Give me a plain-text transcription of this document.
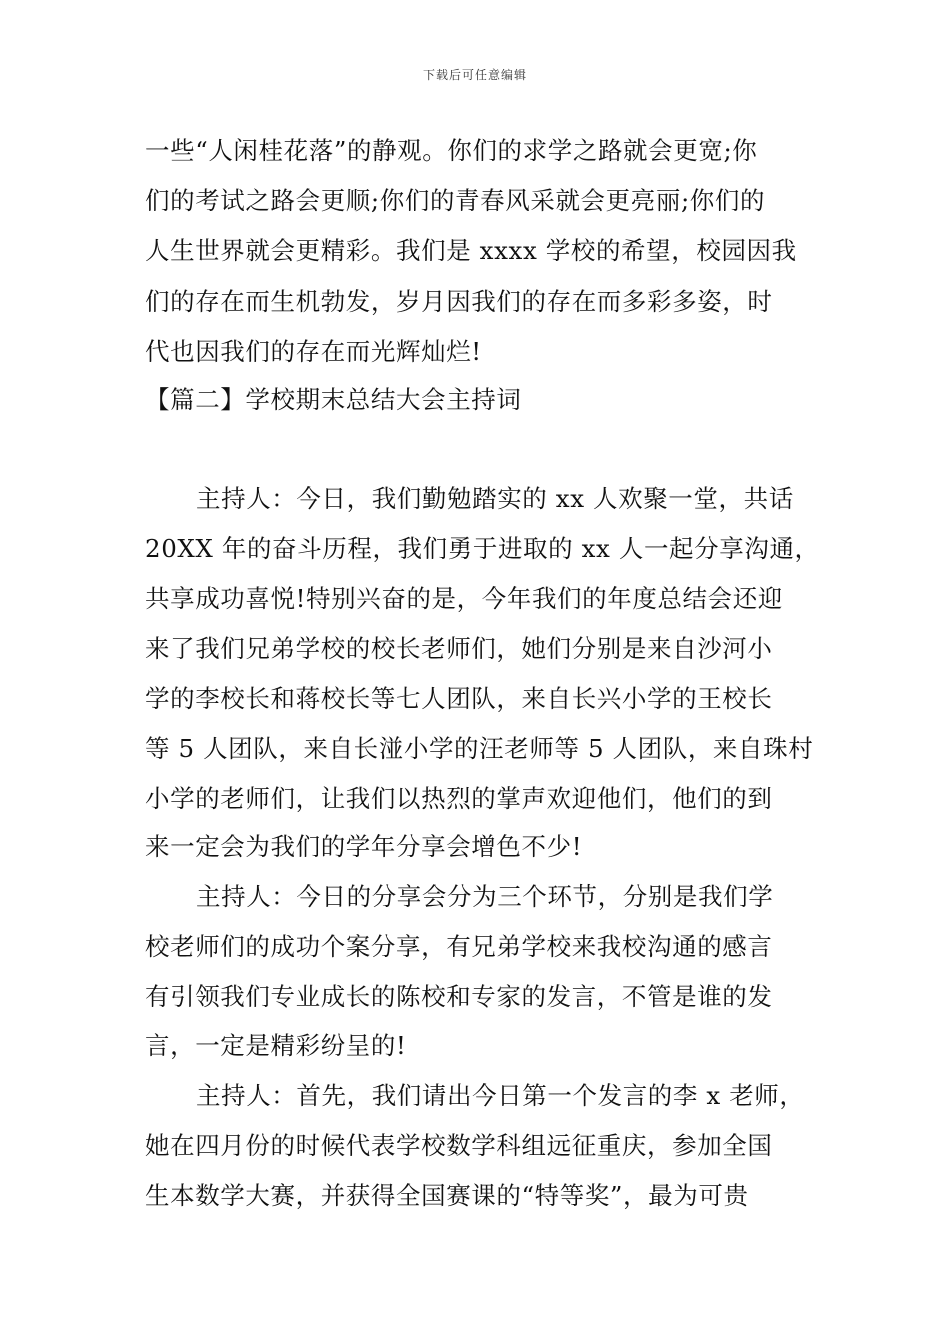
下载后可任意编辑
一些“人闲桂花落”的静观。你们的求学之路就会更宽;你
们的考试之路会更顺;你们的青春风采就会更亮丽;你们的
人生世界就会更精彩。我们是 xxxx 学校的希望，校园因我
们的存在而生机勃发，岁月因我们的存在而多彩多姿，时
代也因我们的存在而光辉灿烂!
【篇二】学校期末总结大会主持词
主持人：今日，我们勤勉踏实的 xx 人欢聚一堂，共话
20XX 年的奋斗历程，我们勇于进取的 xx 人一起分享沟通，
共享成功喜悦!特别兴奋的是，今年我们的年度总结会还迎
来了我们兄弟学校的校长老师们，她们分别是来自沙河小
学的李校长和蒋校长等七人团队，来自长兴小学的王校长
等 5 人团队，来自长湴小学的汪老师等 5 人团队，来自珠村
小学的老师们，让我们以热烈的掌声欢迎他们，他们的到
来一定会为我们的学年分享会增色不少!
主持人：今日的分享会分为三个环节，分别是我们学
校老师们的成功个案分享，有兄弟学校来我校沟通的感言
有引领我们专业成长的陈校和专家的发言，不管是谁的发
言，一定是精彩纷呈的!
主持人：首先，我们请出今日第一个发言的李 x 老师，
她在四月份的时候代表学校数学科组远征重庆，参加全国
生本数学大赛，并获得全国赛课的“特等奖”，最为可贵
